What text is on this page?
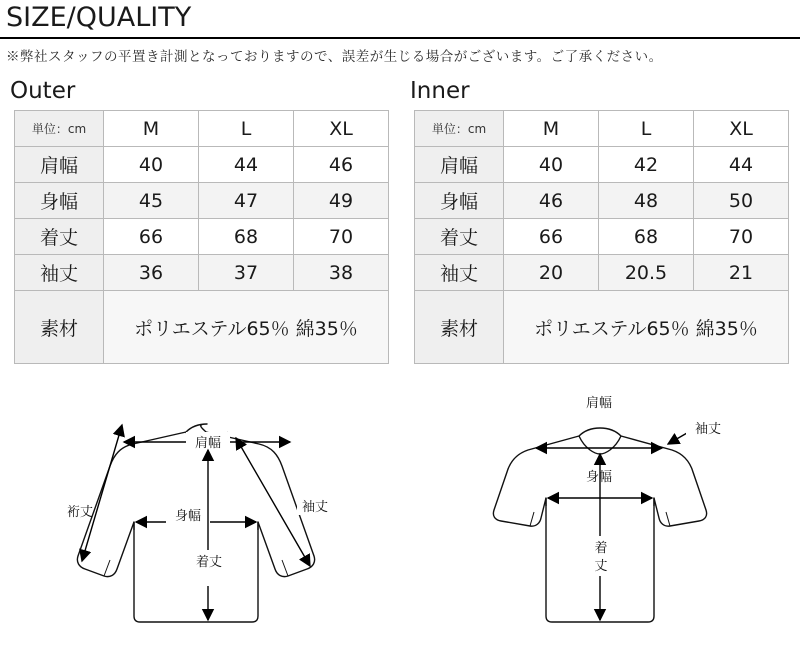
SIZE/QUALITY
※弊社スタッフの平置き計測となっておりますので、誤差が生じる場合がございます。ご了承ください。
Outer
単位：cm	M	L	XL
肩幅	40	44	46
身幅	45	47	49
着丈	66	68	70
袖丈	36	37	38
素材	ポリエステル65％ 綿35％		
肩幅
裄丈	袖丈
身幅
着丈
Inner
単位：cm	M	L	XL
肩幅	40	42	44
身幅	46	48	50
着丈	66	68	70
袖丈	20	20.5	21
素材	ポリエステル65％ 綿35％		
肩幅
袖丈
身幅
着
丈
